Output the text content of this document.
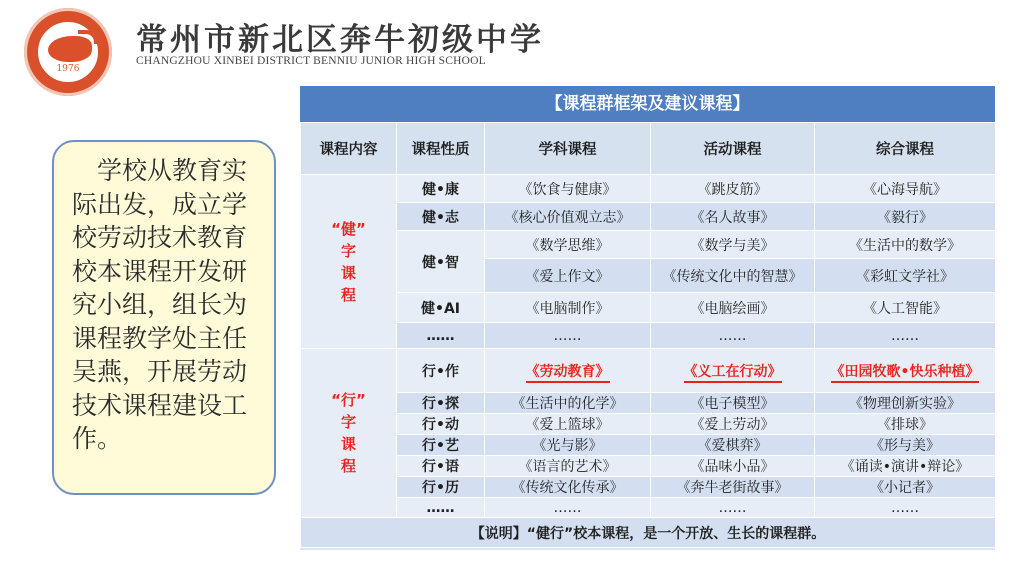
1976
常州市新北区奔牛初级中学
CHANGZHOU XINBEI DISTRICT BENNIU JUNIOR HIGH SCHOOL

学校从教育实际出发，成立学校劳动技术教育校本课程开发研究小组，组长为课程教学处主任吴燕，开展劳动技术课程建设工作。

【课程群框架及建议课程】
课程内容	课程性质	学科课程	活动课程	综合课程
“健”
字
课
程	健•康	《饮食与健康》	《跳皮筋》	《心海导航》
	健•志	《核心价值观立志》	《名人故事》	《毅行》
	健•智	《数学思维》	《数学与美》	《生活中的数学》
		《爱上作文》	《传统文化中的智慧》	《彩虹文学社》
	健•AI	《电脑制作》	《电脑绘画》	《人工智能》
	……	……	……	……
“行”
字
课
程	行•作	《劳动教育》	《义工在行动》	《田园牧歌•快乐种植》
	行•探	《生活中的化学》	《电子模型》	《物理创新实验》
	行•动	《爱上篮球》	《爱上劳动》	《排球》
	行•艺	《光与影》	《爱棋弈》	《形与美》
	行•语	《语言的艺术》	《品味小品》	《诵读•演讲•辩论》
	行•历	《传统文化传承》	《奔牛老街故事》	《小记者》
	……	……	……	……
【说明】“健行”校本课程，是一个开放、生长的课程群。				
